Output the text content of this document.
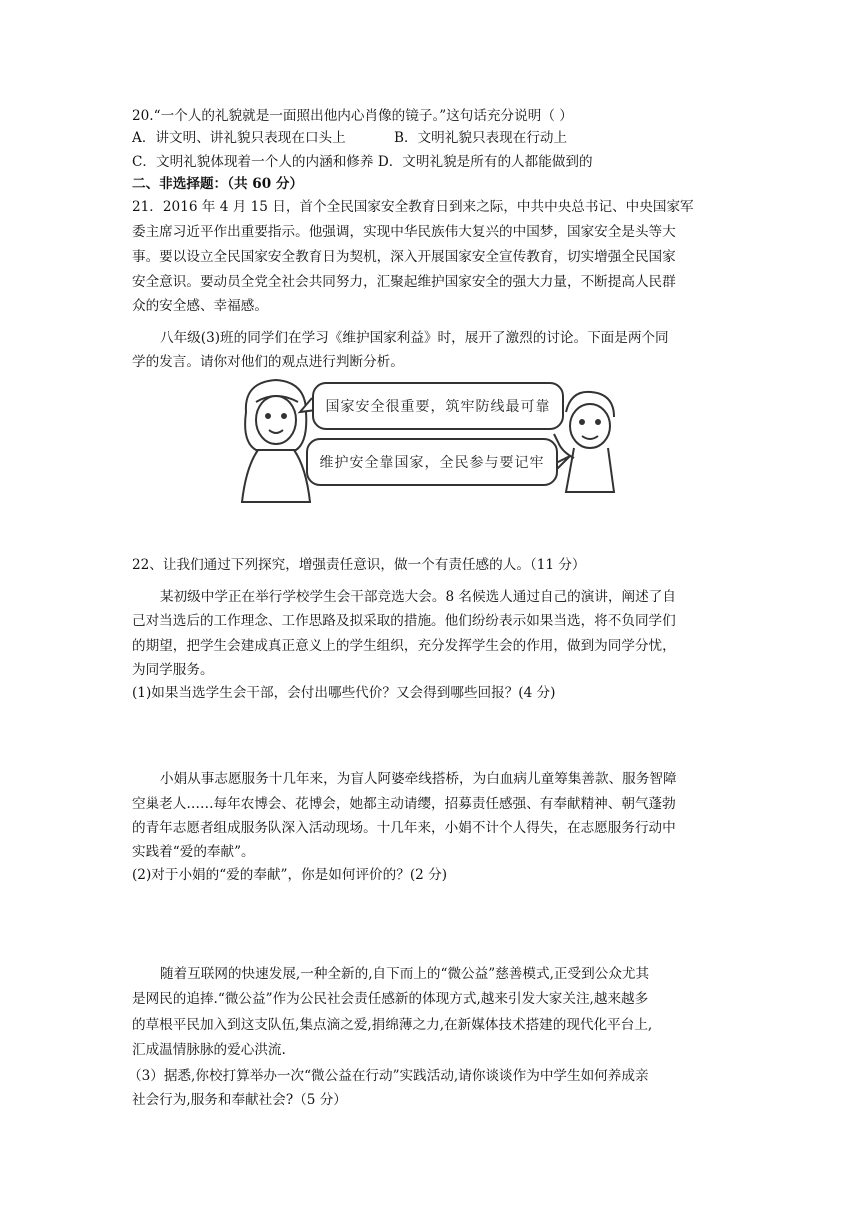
20.“一个人的礼貌就是一面照出他内心肖像的镜子。”这句话充分说明（ ）
A．讲文明、讲礼貌只表现在口头上	B．文明礼貌只表现在行动上
C．文明礼貌体现着一个人的内涵和修养 D．文明礼貌是所有的人都能做到的
二、非选择题：（共 60 分）
21．2016 年 4 月 15 日，首个全民国家安全教育日到来之际，中共中央总书记、中央国家军
委主席习近平作出重要指示。他强调，实现中华民族伟大复兴的中国梦，国家安全是头等大
事。要以设立全民国家安全教育日为契机，深入开展国家安全宣传教育，切实增强全民国家
安全意识。要动员全党全社会共同努力，汇聚起维护国家安全的强大力量，不断提高人民群
众的安全感、幸福感。
八年级(3)班的同学们在学习《维护国家利益》时，展开了激烈的讨论。下面是两个同
学的发言。请你对他们的观点进行判断分析。
国家安全很重要，筑牢防线最可靠
维护安全靠国家，全民参与要记牢
22、让我们通过下列探究，增强责任意识，做一个有责任感的人。（11 分）
某初级中学正在举行学校学生会干部竞选大会。8 名候选人通过自己的演讲，阐述了自
己对当选后的工作理念、工作思路及拟采取的措施。他们纷纷表示如果当选，将不负同学们
的期望，把学生会建成真正意义上的学生组织，充分发挥学生会的作用，做到为同学分忧，
为同学服务。
(1)如果当选学生会干部，会付出哪些代价？又会得到哪些回报？(4 分)
小娟从事志愿服务十几年来，为盲人阿婆牵线搭桥，为白血病儿童筹集善款、服务智障
空巢老人……每年农博会、花博会，她都主动请缨，招募责任感强、有奉献精神、朝气蓬勃
的青年志愿者组成服务队深入活动现场。十几年来，小娟不计个人得失，在志愿服务行动中
实践着“爱的奉献”。
(2)对于小娟的“爱的奉献”，你是如何评价的？(2 分)
随着互联网的快速发展,一种全新的,自下而上的“微公益”慈善模式,正受到公众尤其
是网民的追捧.“微公益”作为公民社会责任感新的体现方式,越来引发大家关注,越来越多
的草根平民加入到这支队伍,集点滴之爱,捐绵薄之力,在新媒体技术搭建的现代化平台上,
汇成温情脉脉的爱心洪流.
（3）据悉,你校打算举办一次“微公益在行动”实践活动,请你谈谈作为中学生如何养成亲
社会行为,服务和奉献社会?（5 分）
